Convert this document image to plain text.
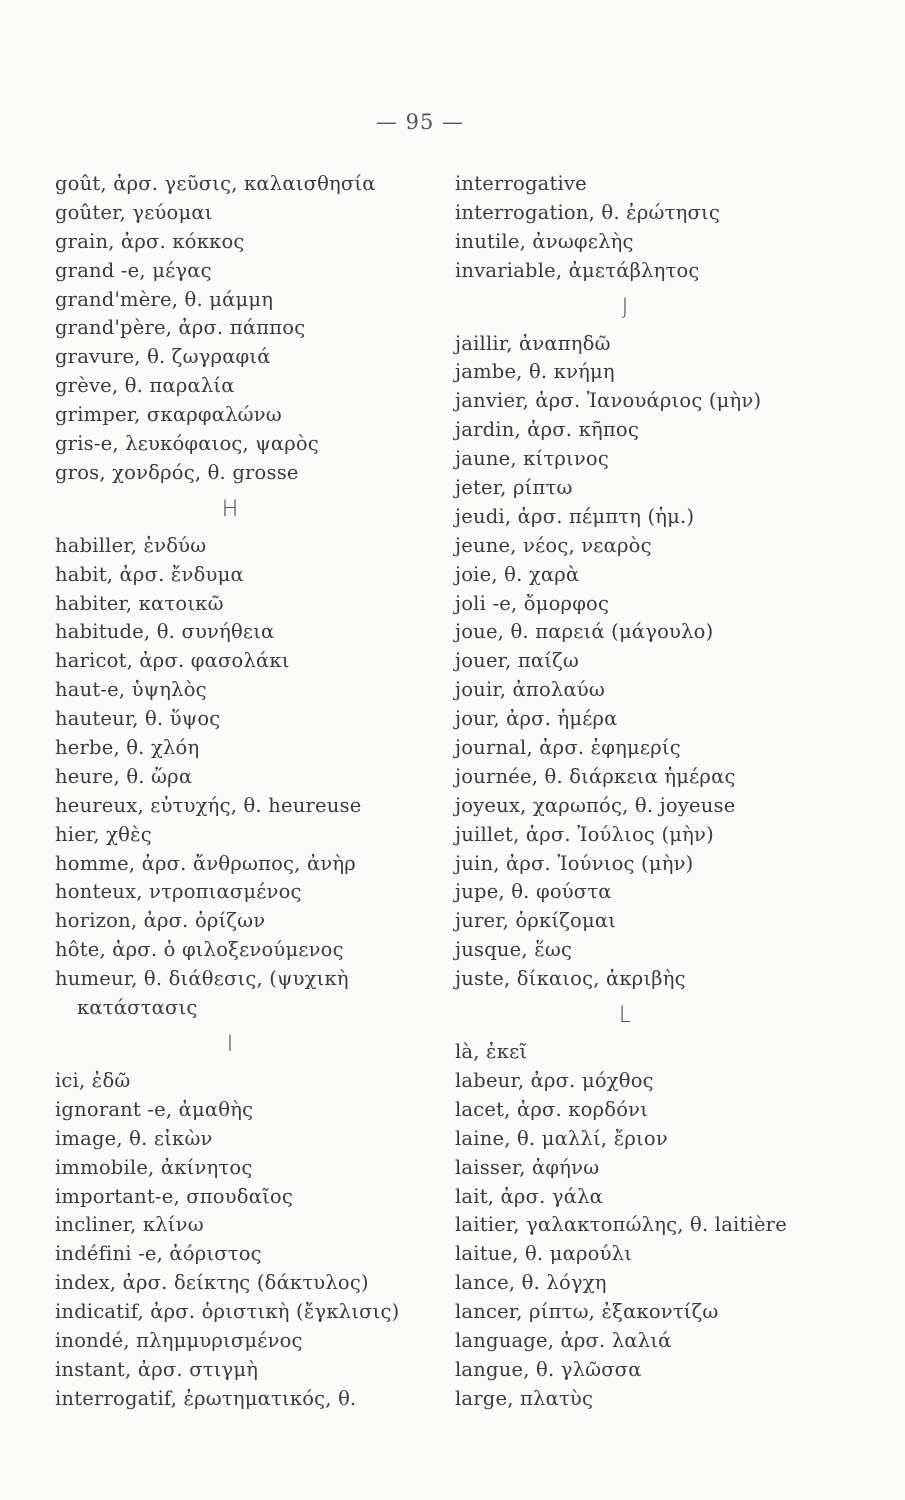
— 95 —
goût, ἀρσ. γεῦσις, καλαισθησία
goûter, γεύομαι
grain, ἀρσ. κόκκος
grand -e, μέγας
grand'mère, θ. μάμμη
grand'père, ἀρσ. πάππος
gravure, θ. ζωγραφιά
grève, θ. παραλία
grimper, σκαρφαλώνω
gris-e, λευκόφαιος, ψαρὸς
gros, χονδρός, θ. grosse
H
habiller, ἐνδύω
habit, ἀρσ. ἔνδυμα
habiter, κατοικῶ
habitude, θ. συνήθεια
haricot, ἀρσ. φασολάκι
haut-e, ὑψηλὸς
hauteur, θ. ὕψος
herbe, θ. χλόη
heure, θ. ὥρα
heureux, εὐτυχής, θ. heureuse
hier, χθὲς
homme, ἀρσ. ἄνθρωπος, ἀνὴρ
honteux, ντροπιασμένος
horizon, ἀρσ. ὁρίζων
hôte, ἀρσ. ὁ φιλοξενούμενος
humeur, θ. διάθεσις, (ψυχικὴ
κατάστασις
I
ici, ἐδῶ
ignorant -e, ἀμαθὴς
image, θ. εἰκὼν
immobile, ἀκίνητος
important-e, σπουδαῖος
incliner, κλίνω
indéfini -e, ἀόριστος
index, ἀρσ. δείκτης (δάκτυλος)
indicatif, ἀρσ. ὁριστικὴ (ἔγκλισις)
inondé, πλημμυρισμένος
instant, ἀρσ. στιγμὴ
interrogatif, ἐρωτηματικός, θ.
interrogative
interrogation, θ. ἐρώτησις
inutile, ἀνωφελὴς
invariable, ἀμετάβλητος
J
jaillir, ἀναπηδῶ
jambe, θ. κνήμη
janvier, ἀρσ. Ἰανουάριος (μὴν)
jardin, ἀρσ. κῆπος
jaune, κίτρινος
jeter, ρίπτω
jeudi, ἀρσ. πέμπτη (ἡμ.)
jeune, νέος, νεαρὸς
joie, θ. χαρὰ
joli -e, ὄμορφος
joue, θ. παρειά (μάγουλο)
jouer, παίζω
jouir, ἀπολαύω
jour, ἀρσ. ἡμέρα
journal, ἀρσ. ἐφημερίς
journée, θ. διάρκεια ἡμέρας
joyeux, χαρωπός, θ. joyeuse
juillet, ἀρσ. Ἰούλιος (μὴν)
juin, ἀρσ. Ἰούνιος (μὴν)
jupe, θ. φούστα
jurer, ὁρκίζομαι
jusque, ἕως
juste, δίκαιος, ἀκριβὴς
L
là, ἐκεῖ
labeur, ἀρσ. μόχθος
lacet, ἀρσ. κορδόνι
laine, θ. μαλλί, ἔριον
laisser, ἀφήνω
lait, ἀρσ. γάλα
laitier, γαλακτοπώλης, θ. laitière
laitue, θ. μαρούλι
lance, θ. λόγχη
lancer, ρίπτω, ἐξακοντίζω
language, ἀρσ. λαλιά
langue, θ. γλῶσσα
large, πλατὺς
